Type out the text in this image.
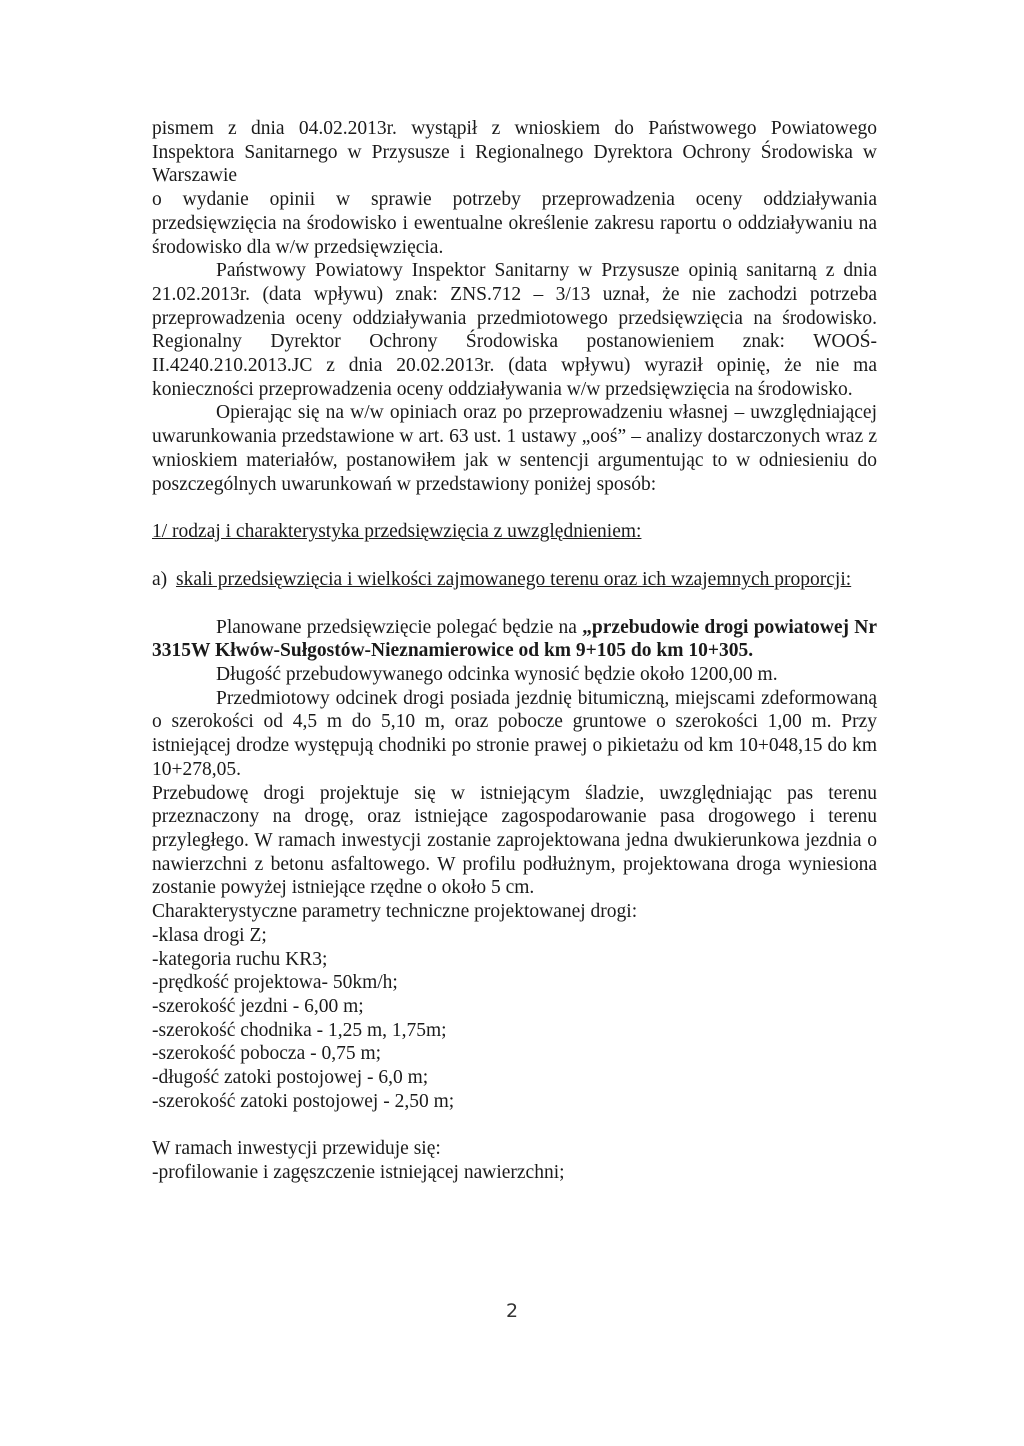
pismem z dnia 04.02.2013r. wystąpił z wnioskiem do Państwowego Powiatowego Inspektora Sanitarnego w Przysusze i Regionalnego Dyrektora Ochrony Środowiska w Warszawie

o wydanie opinii w sprawie potrzeby przeprowadzenia oceny oddziaływania przedsięwzięcia na środowisko i ewentualne określenie zakresu raportu o oddziaływaniu na środowisko dla w/w przedsięwzięcia.

Państwowy Powiatowy Inspektor Sanitarny w Przysusze opinią sanitarną z dnia 21.02.2013r. (data wpływu) znak: ZNS.712 – 3/13 uznał, że nie zachodzi potrzeba przeprowadzenia oceny oddziaływania przedmiotowego przedsięwzięcia na środowisko. Regionalny Dyrektor Ochrony Środowiska postanowieniem znak: WOOŚ-II.4240.210.2013.JC z dnia 20.02.2013r. (data wpływu) wyraził opinię, że nie ma konieczności przeprowadzenia oceny oddziaływania w/w przedsięwzięcia na środowisko.

Opierając się na w/w opiniach oraz po przeprowadzeniu własnej – uwzględniającej uwarunkowania przedstawione w art. 63 ust. 1 ustawy „ooś” – analizy dostarczonych wraz z wnioskiem materiałów, postanowiłem jak w sentencji argumentując to w odniesieniu do poszczególnych uwarunkowań w przedstawiony poniżej sposób:

1/ rodzaj i charakterystyka przedsięwzięcia z uwzględnieniem:

a) skali przedsięwzięcia i wielkości zajmowanego terenu oraz ich wzajemnych proporcji:

Planowane przedsięwzięcie polegać będzie na „przebudowie drogi powiatowej Nr 3315W Kłwów-Sułgostów-Nieznamierowice od km 9+105 do km 10+305.

Długość przebudowywanego odcinka wynosić będzie około 1200,00 m.

Przedmiotowy odcinek drogi posiada jezdnię bitumiczną, miejscami zdeformowaną o szerokości od 4,5 m do 5,10 m, oraz pobocze gruntowe o szerokości 1,00 m. Przy istniejącej drodze występują chodniki po stronie prawej o pikietażu od km 10+048,15 do km 10+278,05.

Przebudowę drogi projektuje się w istniejącym śladzie, uwzględniając pas terenu przeznaczony na drogę, oraz istniejące zagospodarowanie pasa drogowego i terenu przyległego. W ramach inwestycji zostanie zaprojektowana jedna dwukierunkowa jezdnia o nawierzchni z betonu asfaltowego. W profilu podłużnym, projektowana droga wyniesiona zostanie powyżej istniejące rzędne o około 5 cm.

Charakterystyczne parametry techniczne projektowanej drogi:

-klasa drogi Z;

-kategoria ruchu KR3;

-prędkość projektowa- 50km/h;

-szerokość jezdni - 6,00 m;

-szerokość chodnika - 1,25 m, 1,75m;

-szerokość pobocza - 0,75 m;

-długość zatoki postojowej - 6,0 m;

-szerokość zatoki postojowej - 2,50 m;

W ramach inwestycji przewiduje się:

-profilowanie i zagęszczenie istniejącej nawierzchni;

2
